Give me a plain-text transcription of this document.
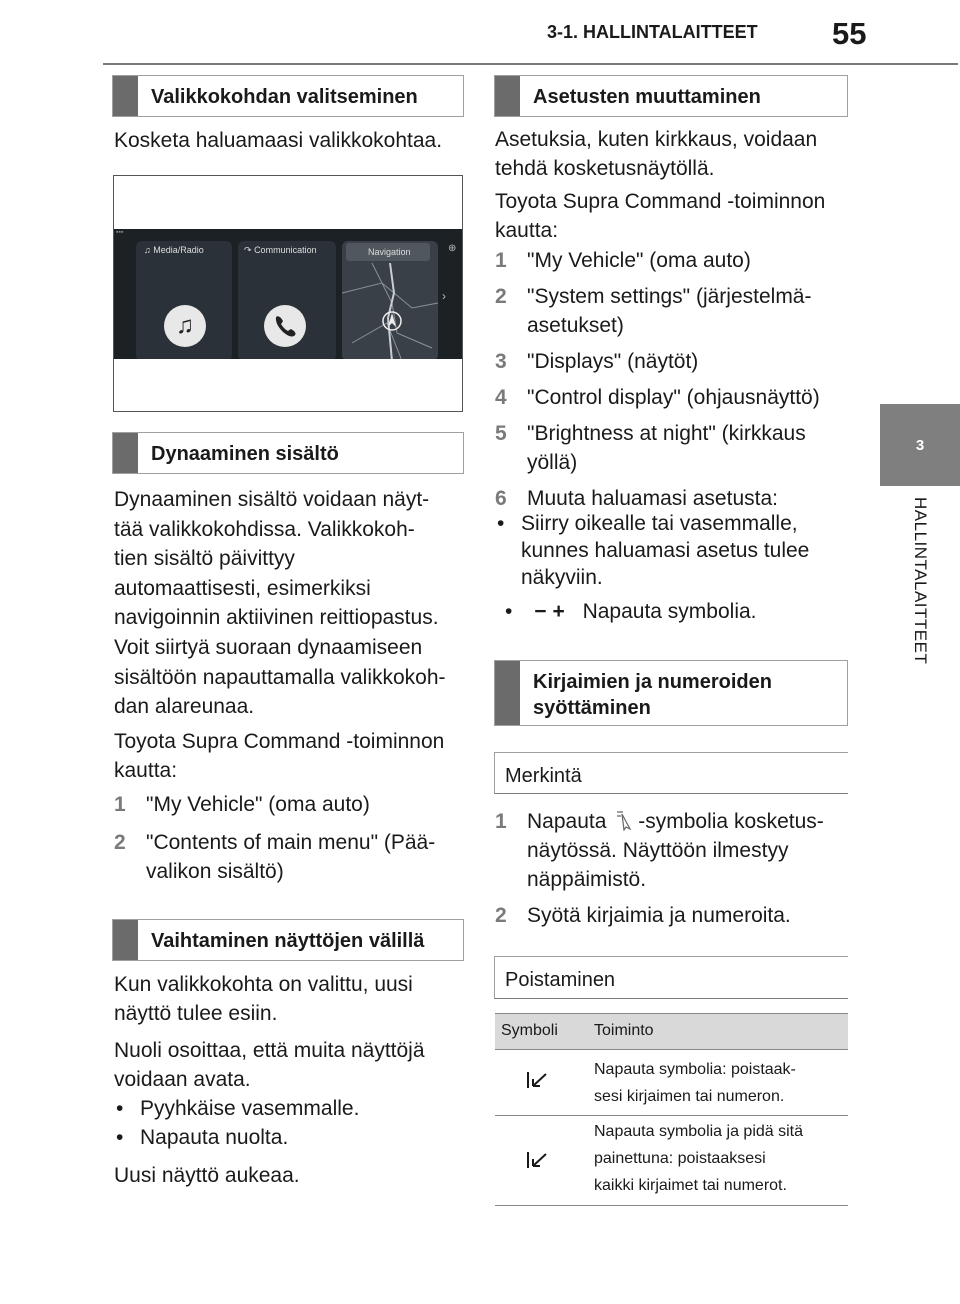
3-1. HALLINTALAITTEET 55
3
HALLINTALAITTEET
Valikkokohdan valitseminen
Kosketa haluamaasi valikkokohtaa.
▪▪▪
♫ Media/Radio
♫
↷ Communication	Navigation
›
⊕
Dynaaminen sisältö
Dynaaminen sisältö voidaan näyt-
tää valikkokohdissa. Valikkokoh-
tien sisältö päivittyy
automaattisesti, esimerkiksi
navigoinnin aktiivinen reittiopastus.
Voit siirtyä suoraan dynaamiseen
sisältöön napauttamalla valikkokoh-
dan alareunaa.
Toyota Supra Command -toiminnon
kautta:
1 "My Vehicle" (oma auto)
2 "Contents of main menu" (Pää-
valikon sisältö)
Vaihtaminen näyttöjen välillä
Kun valikkokohta on valittu, uusi
näyttö tulee esiin.
Nuoli osoittaa, että muita näyttöjä
voidaan avata.
• Pyyhkäise vasemmalle.
• Napauta nuolta.
Uusi näyttö aukeaa.
Asetusten muuttaminen
Asetuksia, kuten kirkkaus, voidaan
tehdä kosketusnäytöllä.
Toyota Supra Command -toiminnon
kautta:
1 "My Vehicle" (oma auto)
2 "System settings" (järjestelmä-
asetukset)
3 "Displays" (näytöt)
4 "Control display" (ohjausnäyttö)
5 "Brightness at night" (kirkkaus
yöllä)
6 Muuta haluamasi asetusta:
• Siirry oikealle tai vasemmalle,
kunnes haluamasi asetus tulee
näkyviin.
• −+ Napauta symbolia.
Kirjaimien ja numeroiden
syöttäminen
Merkintä
1 Napauta -symbolia kosketus-
näytössä. Näyttöön ilmestyy
näppäimistö.
2 Syötä kirjaimia ja numeroita.
Poistaminen
Symboli Toiminto
Napauta symbolia: poistaak-
sesi kirjaimen tai numeron.
Napauta symbolia ja pidä sitä
painettuna: poistaaksesi
kaikki kirjaimet tai numerot.
